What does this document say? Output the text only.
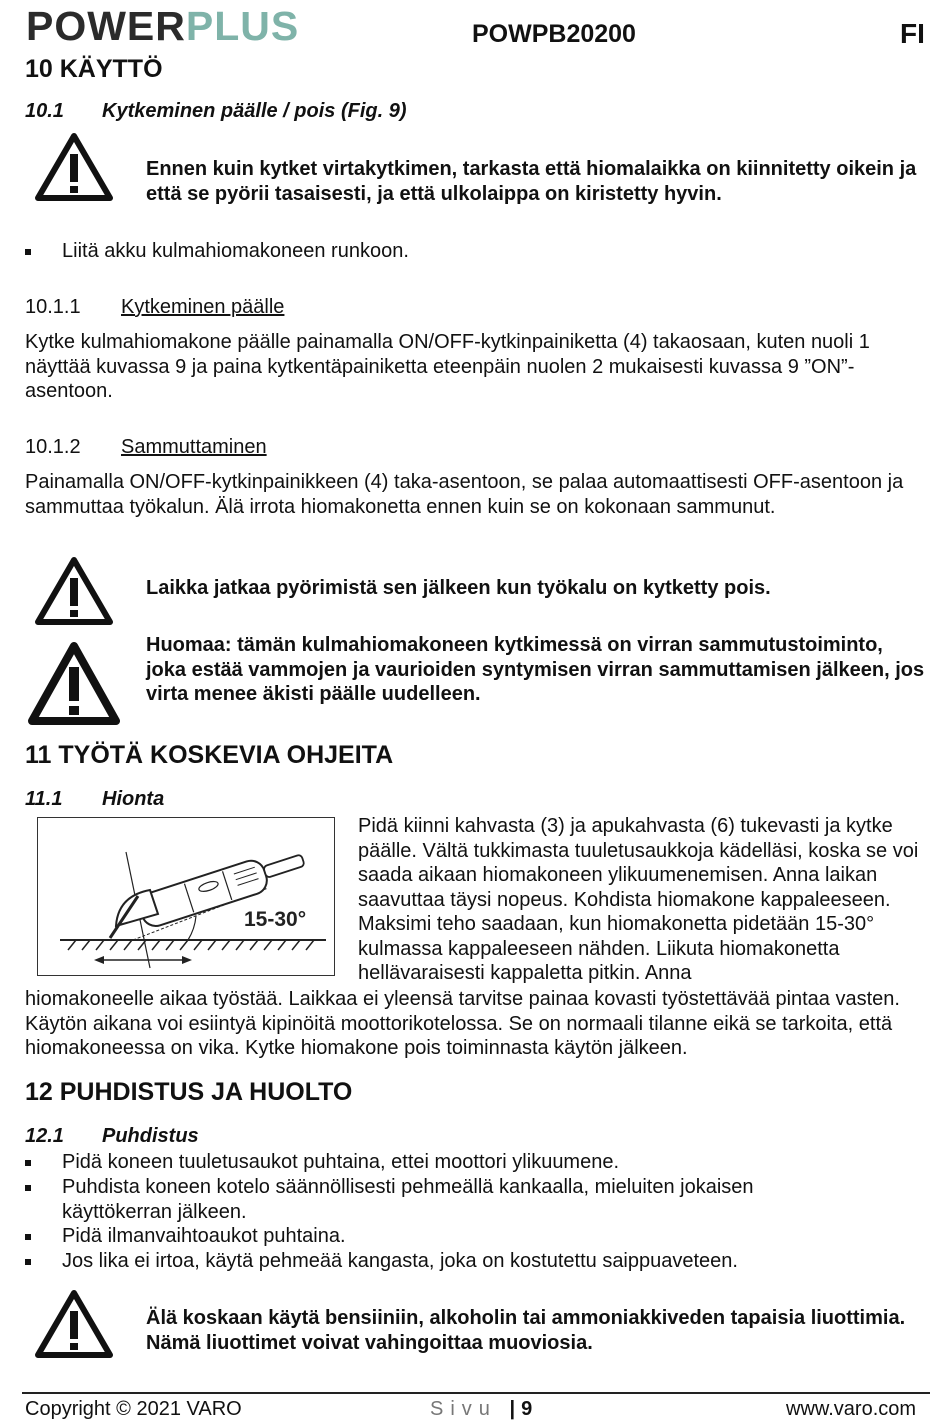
POWERPLUS	POWPB20200	FI
10 KÄYTTÖ
10.1 Kytkeminen päälle / pois (Fig. 9)
Ennen kuin kytket virtakytkimen, tarkasta että hiomalaikka on kiinnitetty oikein ja että se pyörii tasaisesti, ja että ulkolaippa on kiristetty hyvin.
Liitä akku kulmahiomakoneen runkoon.
10.1.1 Kytkeminen päälle
Kytke kulmahiomakone päälle painamalla ON/OFF-kytkinpainiketta (4) takaosaan, kuten nuoli 1 näyttää kuvassa 9 ja paina kytkentäpainiketta eteenpäin nuolen 2 mukaisesti kuvassa 9 ”ON”-asentoon.
10.1.2 Sammuttaminen
Painamalla ON/OFF-kytkinpainikkeen (4) taka-asentoon, se palaa automaattisesti OFF-asentoon ja sammuttaa työkalun. Älä irrota hiomakonetta ennen kuin se on kokonaan sammunut.
Laikka jatkaa pyörimistä sen jälkeen kun työkalu on kytketty pois.
Huomaa: tämän kulmahiomakoneen kytkimessä on virran sammutustoiminto, joka estää vammojen ja vaurioiden syntymisen virran sammuttamisen jälkeen, jos virta menee äkisti päälle uudelleen.
11 TYÖTÄ KOSKEVIA OHJEITA
11.1 Hionta
15-30°
Pidä kiinni kahvasta (3) ja apukahvasta (6) tukevasti ja kytke päälle. Vältä tukkimasta tuuletusaukkoja kädelläsi, koska se voi saada aikaan hiomakoneen ylikuumenemisen. Anna laikan saavuttaa täysi nopeus. Kohdista hiomakone kappaleeseen. Maksimi teho saadaan, kun hiomakonetta pidetään 15-30° kulmassa kappaleeseen nähden. Liikuta hiomakonetta hellävaraisesti kappaletta pitkin. Anna
hiomakoneelle aikaa työstää. Laikkaa ei yleensä tarvitse painaa kovasti työstettävää pintaa vasten. Käytön aikana voi esiintyä kipinöitä moottorikotelossa. Se on normaali tilanne eikä se tarkoita, että hiomakoneessa on vika. Kytke hiomakone pois toiminnasta käytön jälkeen.
12 PUHDISTUS JA HUOLTO
12.1 Puhdistus
Pidä koneen tuuletusaukot puhtaina, ettei moottori ylikuumene.
Puhdista koneen kotelo säännöllisesti pehmeällä kankaalla, mieluiten jokaisen käyttökerran jälkeen.
Pidä ilmanvaihtoaukot puhtaina.
Jos lika ei irtoa, käytä pehmeää kangasta, joka on kostutettu saippuaveteen.
Älä koskaan käytä bensiiniin, alkoholin tai ammoniakkiveden tapaisia liuottimia. Nämä liuottimet voivat vahingoittaa muoviosia.
Copyright © 2021 VARO	Sivu | 9	www.varo.com
